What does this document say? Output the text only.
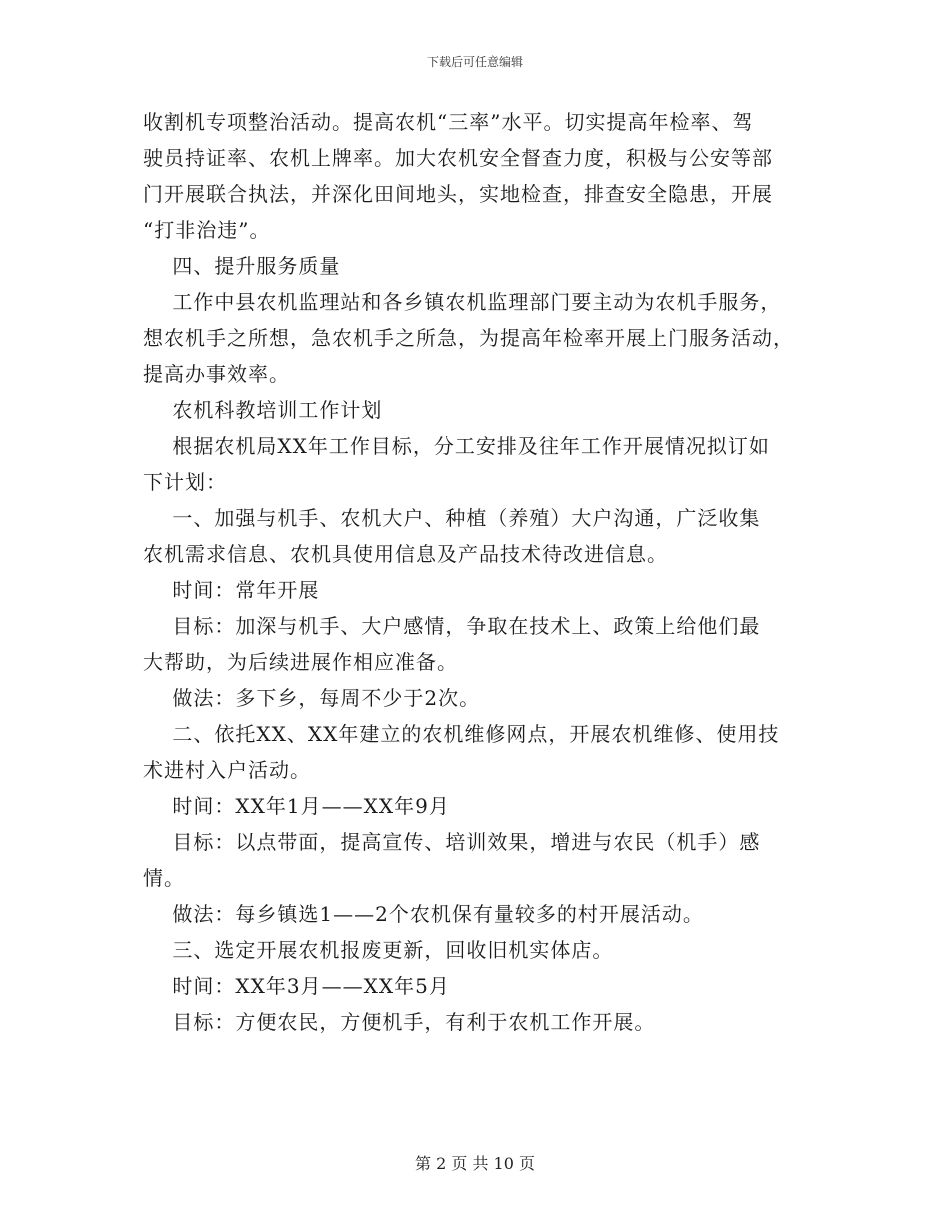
下载后可任意编辑

收割机专项整治活动。提高农机“三率”水平。切实提高年检率、驾

驶员持证率、农机上牌率。加大农机安全督查力度，积极与公安等部

门开展联合执法，并深化田间地头，实地检查，排查安全隐患，开展

“打非治违”。

四、提升服务质量

工作中县农机监理站和各乡镇农机监理部门要主动为农机手服务，

想农机手之所想，急农机手之所急，为提高年检率开展上门服务活动，

提高办事效率。

农机科教培训工作计划

根据农机局XX年工作目标，分工安排及往年工作开展情况拟订如

下计划：

一、加强与机手、农机大户、种植（养殖）大户沟通，广泛收集

农机需求信息、农机具使用信息及产品技术待改进信息。

时间：常年开展

目标：加深与机手、大户感情，争取在技术上、政策上给他们最

大帮助，为后续进展作相应准备。

做法：多下乡，每周不少于2次。

二、依托XX、XX年建立的农机维修网点，开展农机维修、使用技

术进村入户活动。

时间：XX年1月——XX年9月

目标：以点带面，提高宣传、培训效果，增进与农民（机手）感

情。

做法：每乡镇选1——2个农机保有量较多的村开展活动。

三、选定开展农机报废更新，回收旧机实体店。

时间：XX年3月——XX年5月

目标：方便农民，方便机手，有利于农机工作开展。

第 2 页 共 10 页
